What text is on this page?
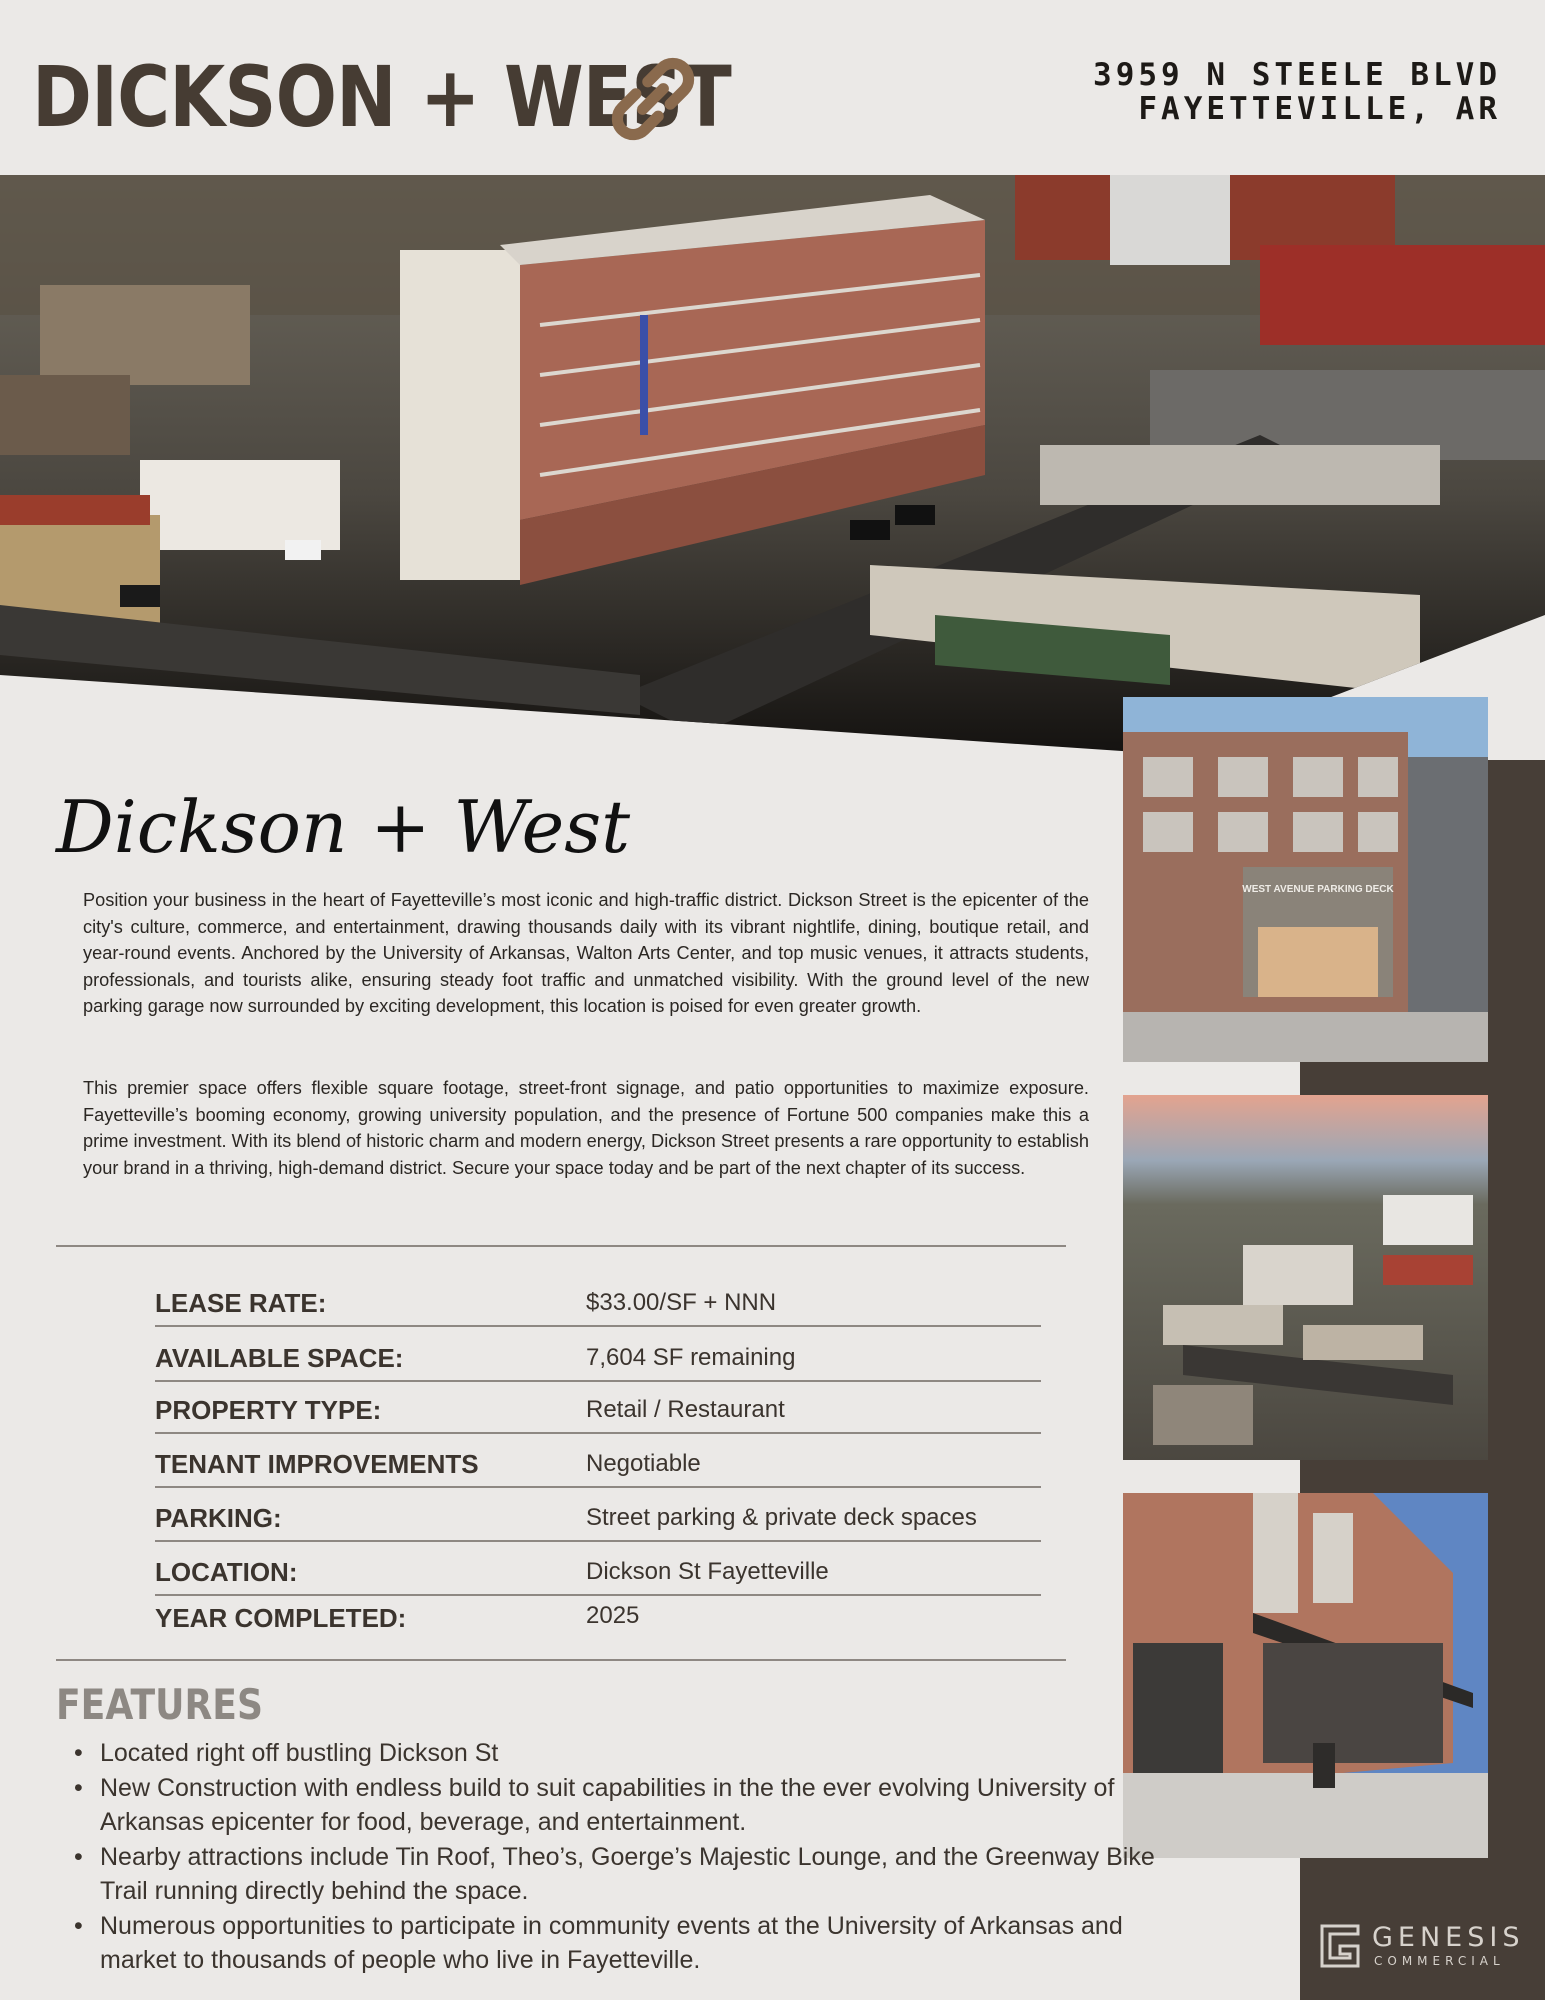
DICKSON + WEST	3959 N STEELE BLVD
FAYETTEVILLE, AR
WEST AVENUE PARKING DECK
Dickson + West
Position your business in the heart of Fayetteville’s most iconic and high-traffic district. Dickson Street is the epicenter of the city's culture, commerce, and entertainment, drawing thousands daily with its vibrant nightlife, dining, boutique retail, and year-round events. Anchored by the University of Arkansas, Walton Arts Center, and top music venues, it attracts students, professionals, and tourists alike, ensuring steady foot traffic and unmatched visibility. With the ground level of the new parking garage now surrounded by exciting development, this location is poised for even greater growth.
This premier space offers flexible square footage, street-front signage, and patio opportunities to maximize exposure. Fayetteville’s booming economy, growing university population, and the presence of Fortune 500 companies make this a prime investment. With its blend of historic charm and modern energy, Dickson Street presents a rare opportunity to establish your brand in a thriving, high-demand district. Secure your space today and be part of the next chapter of its success.
LEASE RATE:	$33.00/SF + NNN
AVAILABLE SPACE:	7,604 SF remaining
PROPERTY TYPE:	Retail / Restaurant
TENANT IMPROVEMENTS	Negotiable
PARKING:	Street parking & private deck spaces
LOCATION:	Dickson St Fayetteville
YEAR COMPLETED:	2025
FEATURES
• Located right off bustling Dickson St
• New Construction with endless build to suit capabilities in the the ever evolving University of Arkansas epicenter for food, beverage, and entertainment.
• Nearby attractions include Tin Roof, Theo’s, Goerge’s Majestic Lounge, and the Greenway Bike Trail running directly behind the space.
• Numerous opportunities to participate in community events at the University of Arkansas and market to thousands of people who live in Fayetteville.
GENESIS
COMMERCIAL
